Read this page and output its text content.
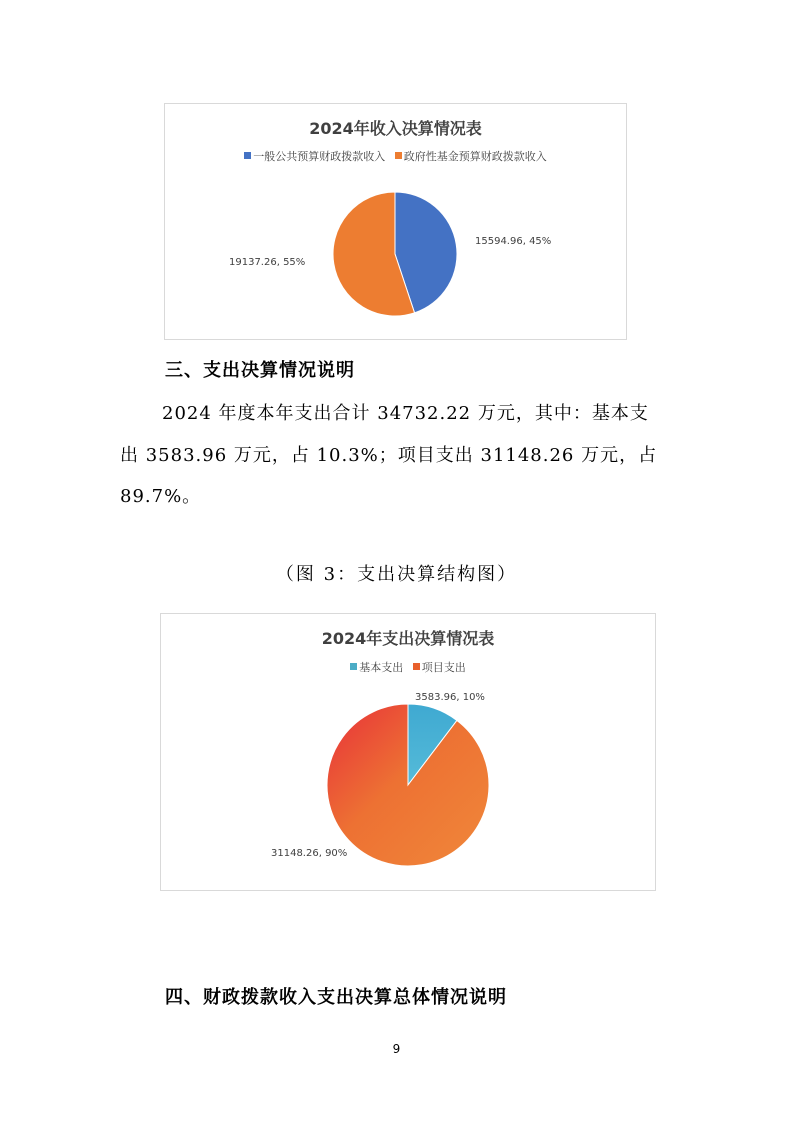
2024年收入决算情况表
一般公共预算财政拨款收入 政府性基金预算财政拨款收入
15594.96, 45%
19137.26, 55%
三、支出决算情况说明
2024 年度本年支出合计 34732.22 万元，其中：基本支
出 3583.96 万元，占 10.3%；项目支出 31148.26 万元，占
89.7%。
（图 3：支出决算结构图）
2024年支出决算情况表
基本支出 项目支出
3583.96, 10%
31148.26, 90%
四、财政拨款收入支出决算总体情况说明
9
